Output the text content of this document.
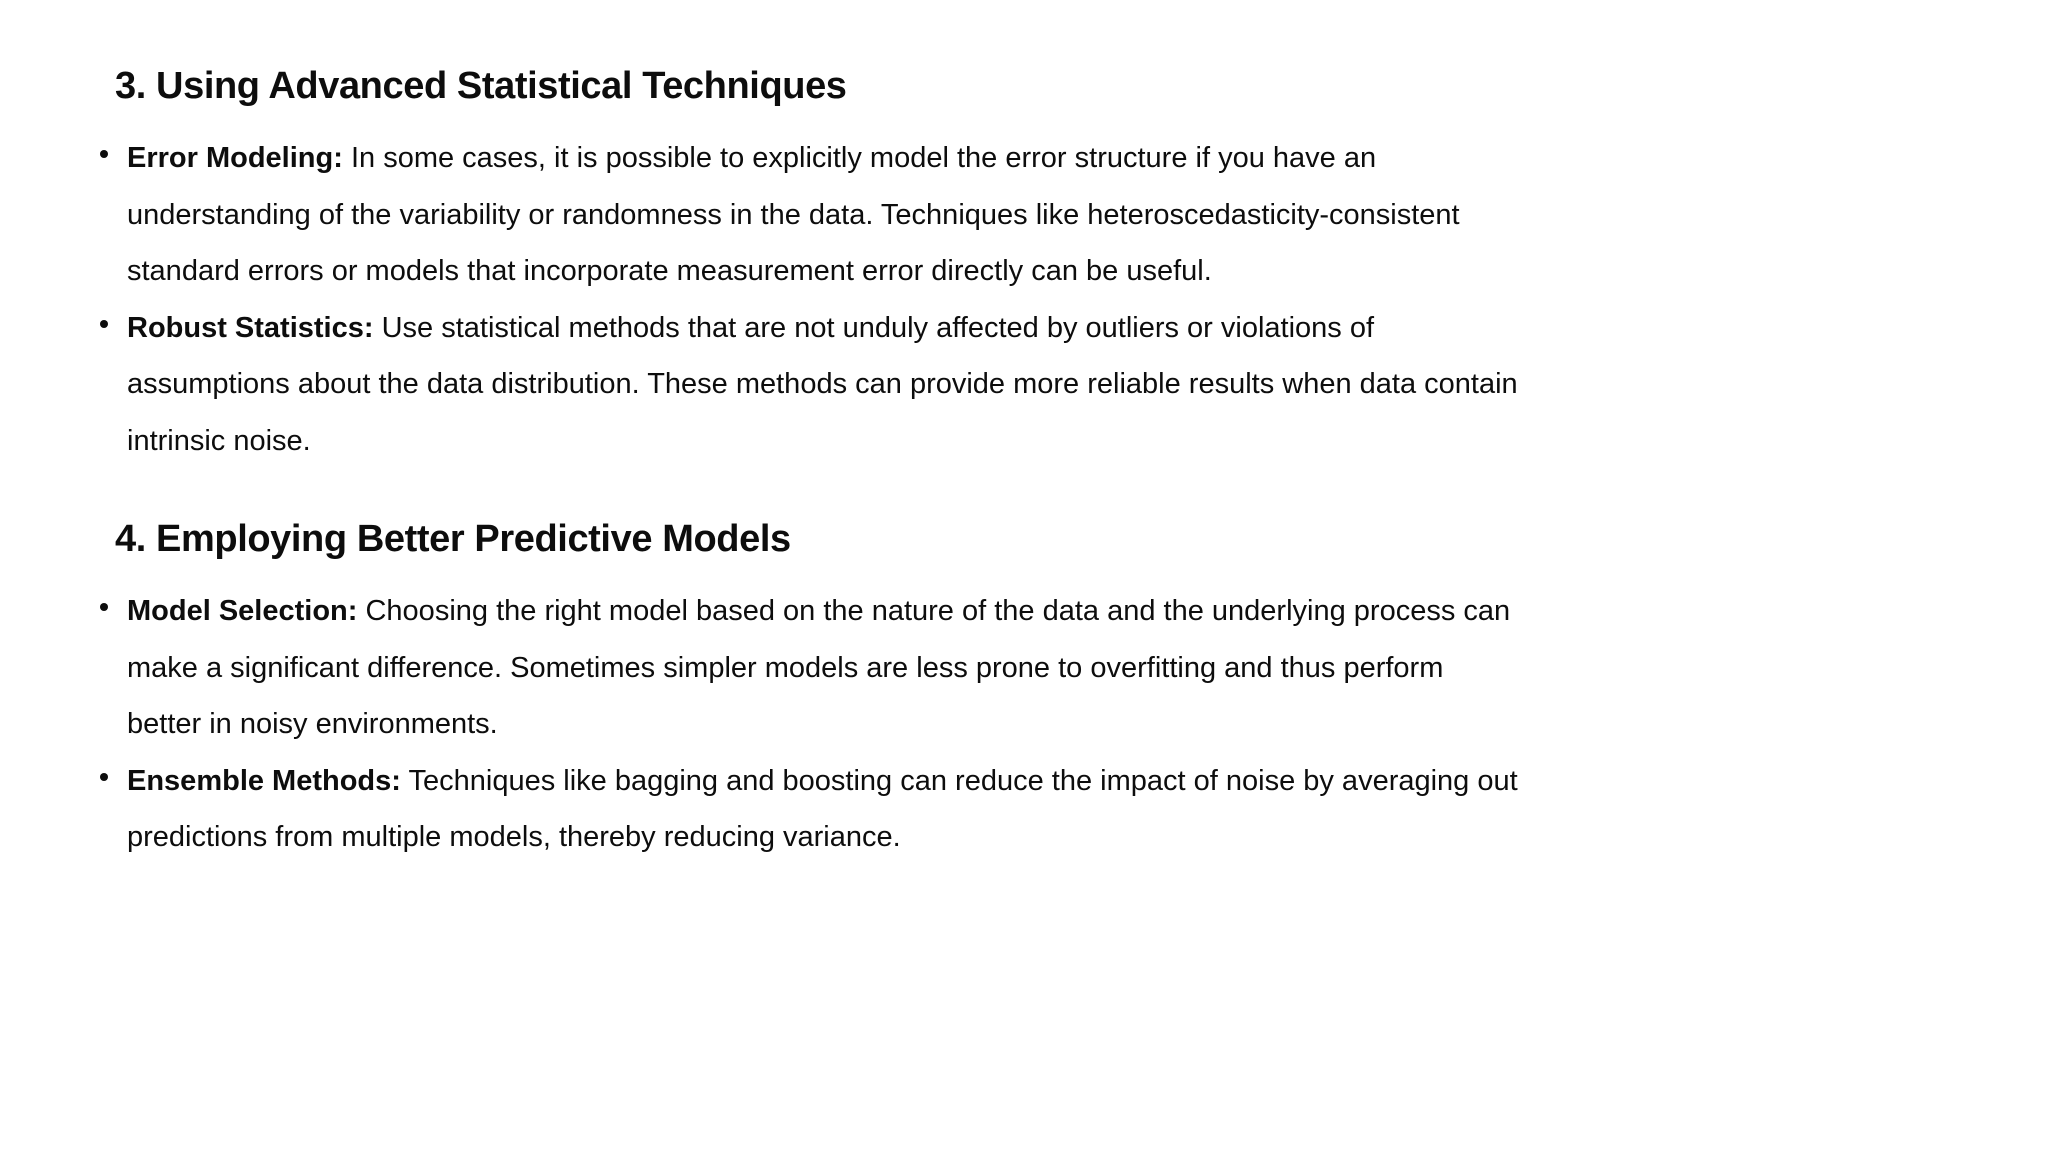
3. Using Advanced Statistical Techniques
Error Modeling: In some cases, it is possible to explicitly model the error structure if you have an understanding of the variability or randomness in the data. Techniques like heteroscedasticity-consistent standard errors or models that incorporate measurement error directly can be useful.
Robust Statistics: Use statistical methods that are not unduly affected by outliers or violations of assumptions about the data distribution. These methods can provide more reliable results when data contain intrinsic noise.
4. Employing Better Predictive Models
Model Selection: Choosing the right model based on the nature of the data and the underlying process can make a significant difference. Sometimes simpler models are less prone to overfitting and thus perform better in noisy environments.
Ensemble Methods: Techniques like bagging and boosting can reduce the impact of noise by averaging out predictions from multiple models, thereby reducing variance.
